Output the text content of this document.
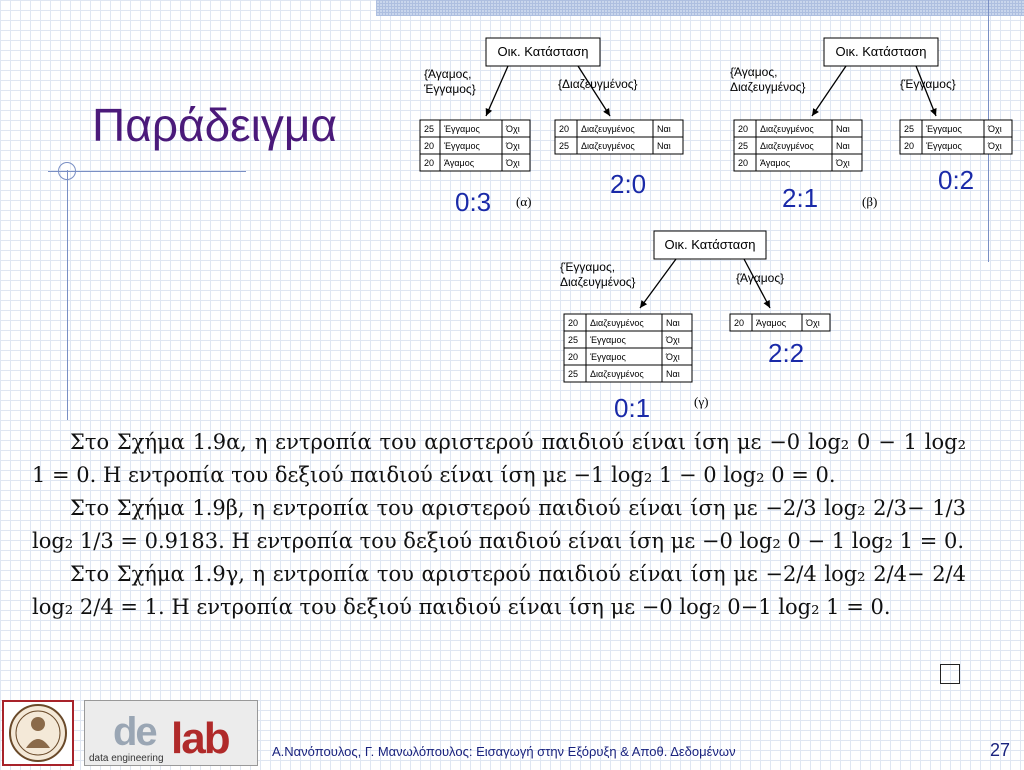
Παράδειγμα
Οικ. Κατάσταση
{Άγαμος,
Έγγαμος}	{Διαζευγμένος}
25 Έγγαμος	Όχι
20 Έγγαμος	Όχι
20 Άγαμος	Όχι
20 Διαζευγμένος Ναι
25 Διαζευγμένος Ναι
0:3
2:0
(α)
Οικ. Κατάσταση
{Άγαμος,
Διαζευγμένος}	{Έγγαμος}
20 Διαζευγμένος Ναι
25 Διαζευγμένος Ναι
20 Άγαμος	Όχι
25 Έγγαμος	Όχι
20 Έγγαμος	Όχι
2:1
0:2
(β)
Οικ. Κατάσταση
{Έγγαμος,
Διαζευγμένος}	{Άγαμος}
20 Διαζευγμένος Ναι
25 Έγγαμος	Όχι
20 Έγγαμος	Όχι
25 Διαζευγμένος Ναι
20 Άγαμος Όχι
2:2
0:1	(γ)

Στο Σχήμα 1.9α, η εντροπία του αριστερού παιδιού είναι ίση με −0 log₂ 0 − 1 log₂ 1 = 0. Η εντροπία του δεξιού παιδιού είναι ίση με −1 log₂ 1 − 0 log₂ 0 = 0.

Στο Σχήμα 1.9β, η εντροπία του αριστερού παιδιού είναι ίση με −2/3 log₂ 2/3− 1/3 log₂ 1/3 = 0.9183. Η εντροπία του δεξιού παιδιού είναι ίση με −0 log₂ 0 − 1 log₂ 1 = 0.

Στο Σχήμα 1.9γ, η εντροπία του αριστερού παιδιού είναι ίση με −2/4 log₂ 2/4− 2/4 log₂ 2/4 = 1. Η εντροπία του δεξιού παιδιού είναι ίση με −0 log₂ 0−1 log₂ 1 = 0.

de lab
data engineering	Α.Νανόπουλος, Γ. Μανωλόπουλος: Εισαγωγή στην Εξόρυξη & Αποθ. Δεδομένων	27
